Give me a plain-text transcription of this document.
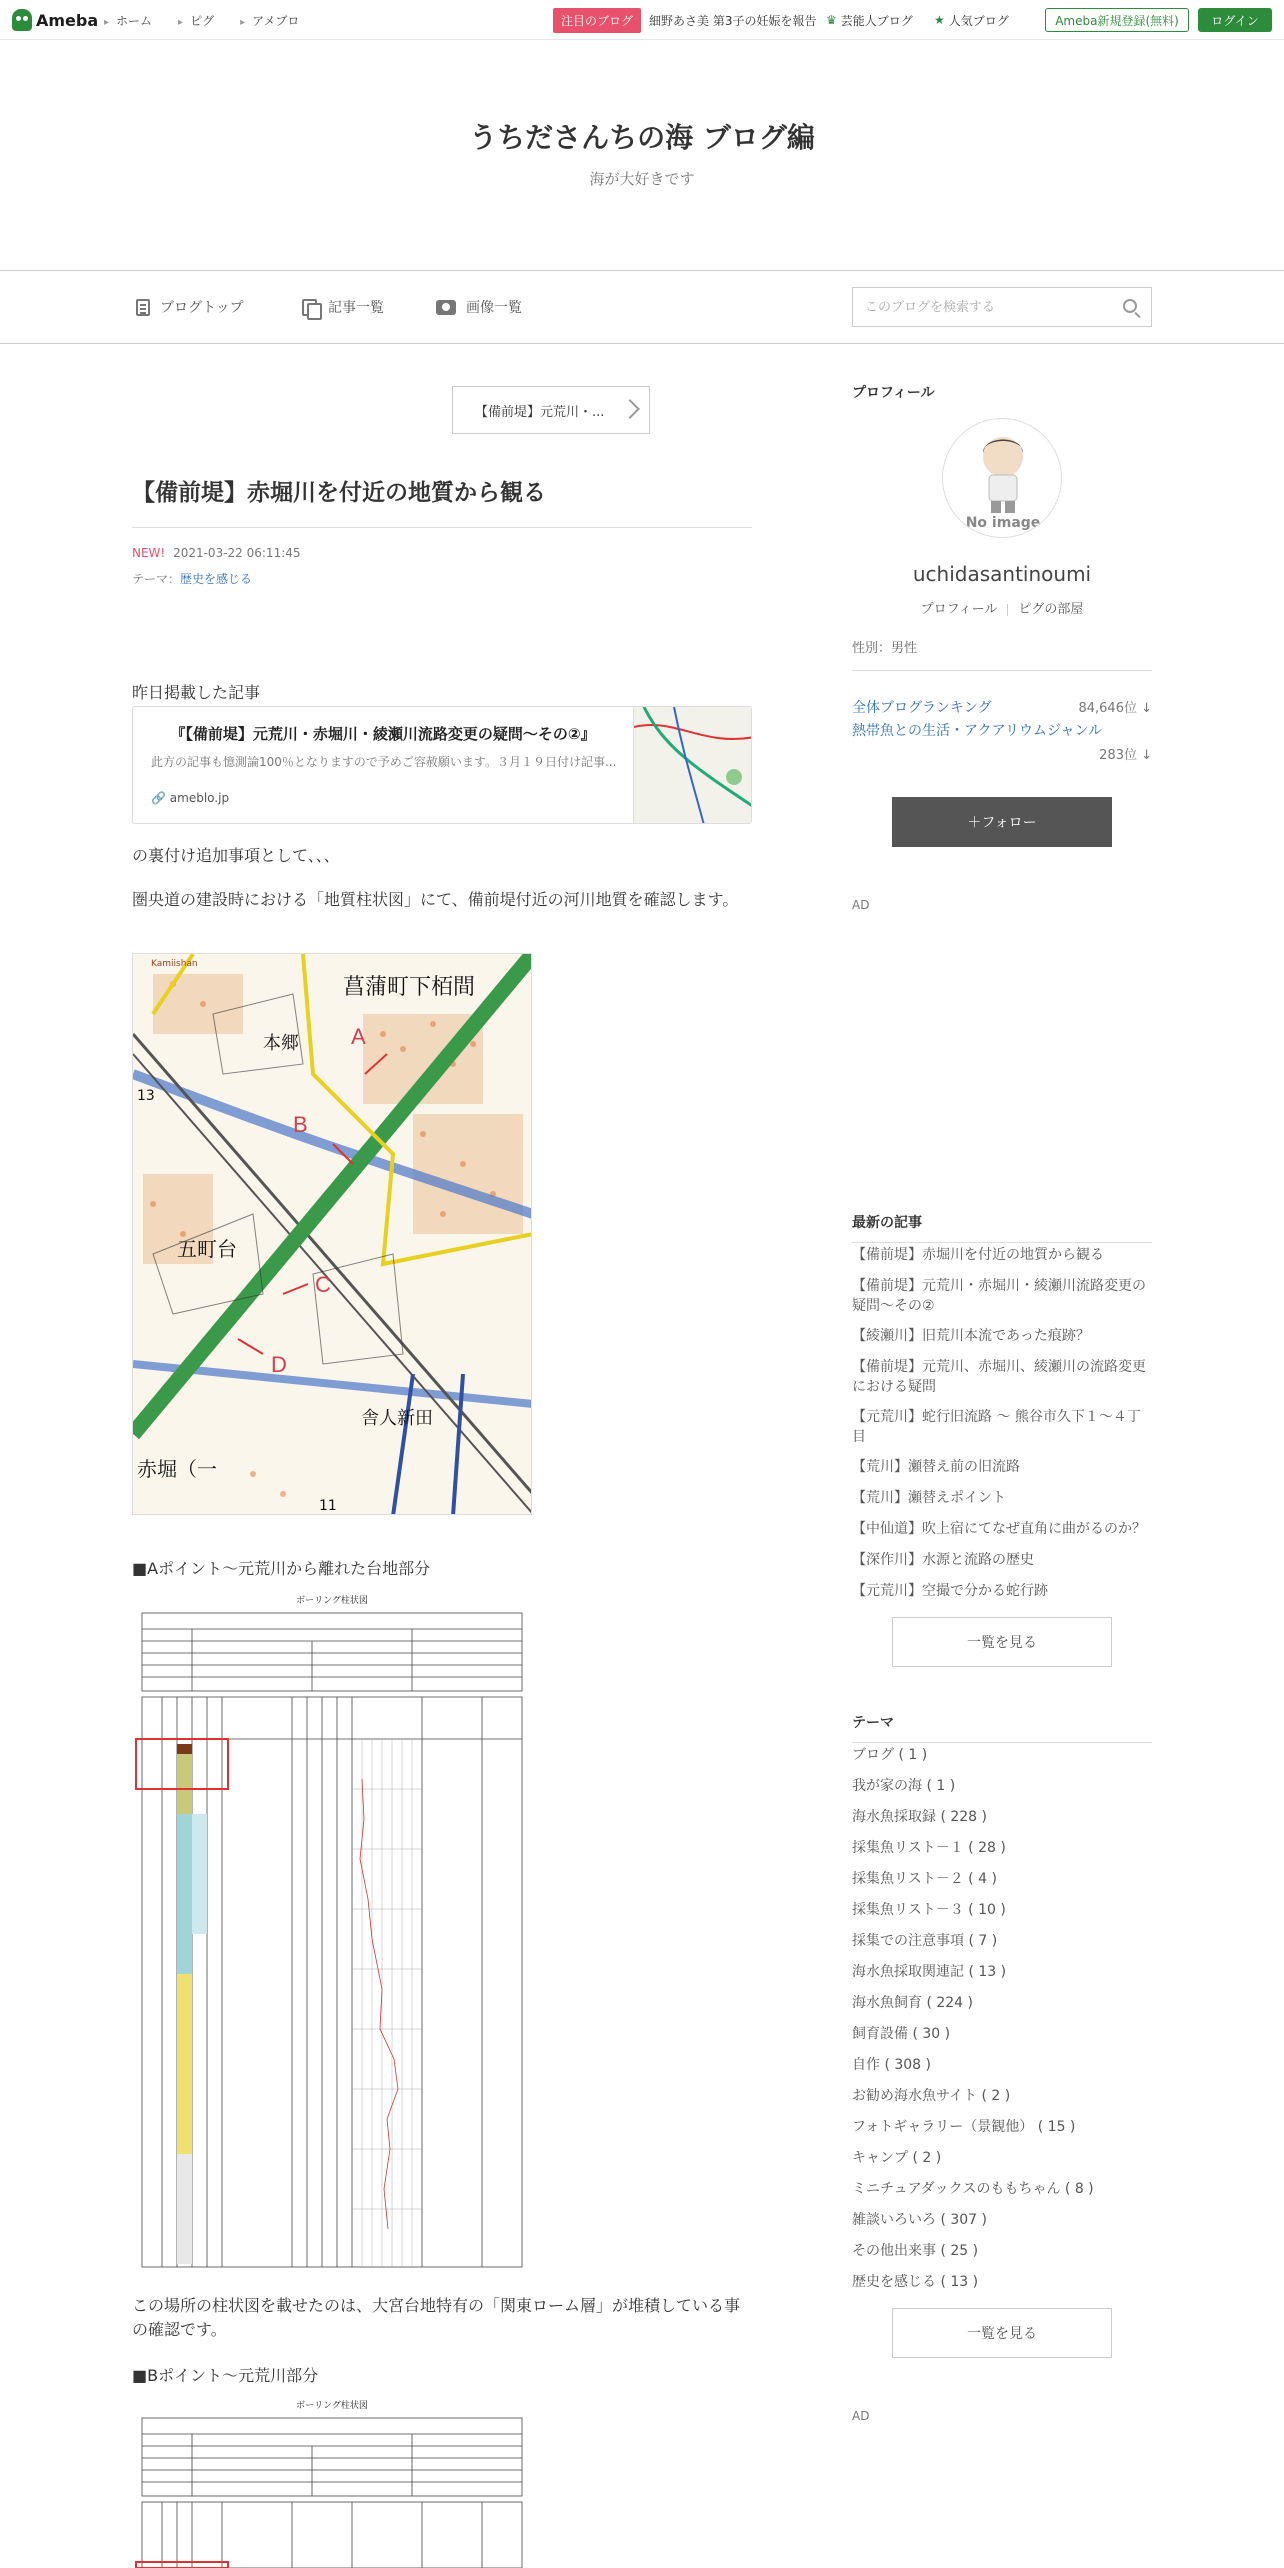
Ameba	▸ ホーム	▸ ピグ	▸ アメブロ	注目のブログ	細野あさ美 第3子の妊娠を報告 ♛ 芸能人ブログ ★ 人気ブログ	Ameba新規登録(無料)	ログイン
うちださんちの海 ブログ編
海が大好きです
ブログトップ	記事一覧	画像一覧
このブログを検索する
【備前堤】元荒川・...
【備前堤】赤堀川を付近の地質から観る
NEW! 2021-03-22 06:11:45
テーマ：歴史を感じる
昨日掲載した記事
『【備前堤】元荒川・赤堀川・綾瀬川流路変更の疑問〜その②』
此方の記事も憶測論100％となりますので予めご容赦願います。３月１９日付け記事...
🔗 ameblo.jp
の裏付け追加事項として、、、
圏央道の建設時における「地質柱状図」にて、備前堤付近の河川地質を確認します。
A
B
C
D
菖蒲町下栢間
本郷
五町台
舎人新田
赤堀（一
13
11
Kamiishan
■Aポイント〜元荒川から離れた台地部分
ボーリング柱状図
この場所の柱状図を載せたのは、大宮台地特有の「関東ローム層」が堆積している事の確認です。
■Bポイント〜元荒川部分
ボーリング柱状図
プロフィール
No image
uchidasantinoumi
プロフィール ピグの部屋
性別：男性
全体ブログランキング	84,646位 ↓
熱帯魚との生活・アクアリウムジャンル
283位 ↓
＋フォロー
AD
最新の記事
【備前堤】赤堀川を付近の地質から観る
【備前堤】元荒川・赤堀川・綾瀬川流路変更の疑問〜その②
【綾瀬川】旧荒川本流であった痕跡？
【備前堤】元荒川、赤堀川、綾瀬川の流路変更における疑問
【元荒川】蛇行旧流路 〜 熊谷市久下１〜４丁目
【荒川】瀬替え前の旧流路
【荒川】瀬替えポイント
【中仙道】吹上宿にてなぜ直角に曲がるのか？
【深作川】水源と流路の歴史
【元荒川】空撮で分かる蛇行跡
一覧を見る
テーマ
ブログ ( 1 )
我が家の海 ( 1 )
海水魚採取録 ( 228 )
採集魚リスト－１ ( 28 )
採集魚リスト－２ ( 4 )
採集魚リスト－３ ( 10 )
採集での注意事項 ( 7 )
海水魚採取関連記 ( 13 )
海水魚飼育 ( 224 )
飼育設備 ( 30 )
自作 ( 308 )
お勧め海水魚サイト ( 2 )
フォトギャラリー（景観他） ( 15 )
キャンプ ( 2 )
ミニチュアダックスのももちゃん ( 8 )
雑談いろいろ ( 307 )
その他出来事 ( 25 )
歴史を感じる ( 13 )
一覧を見る
AD
